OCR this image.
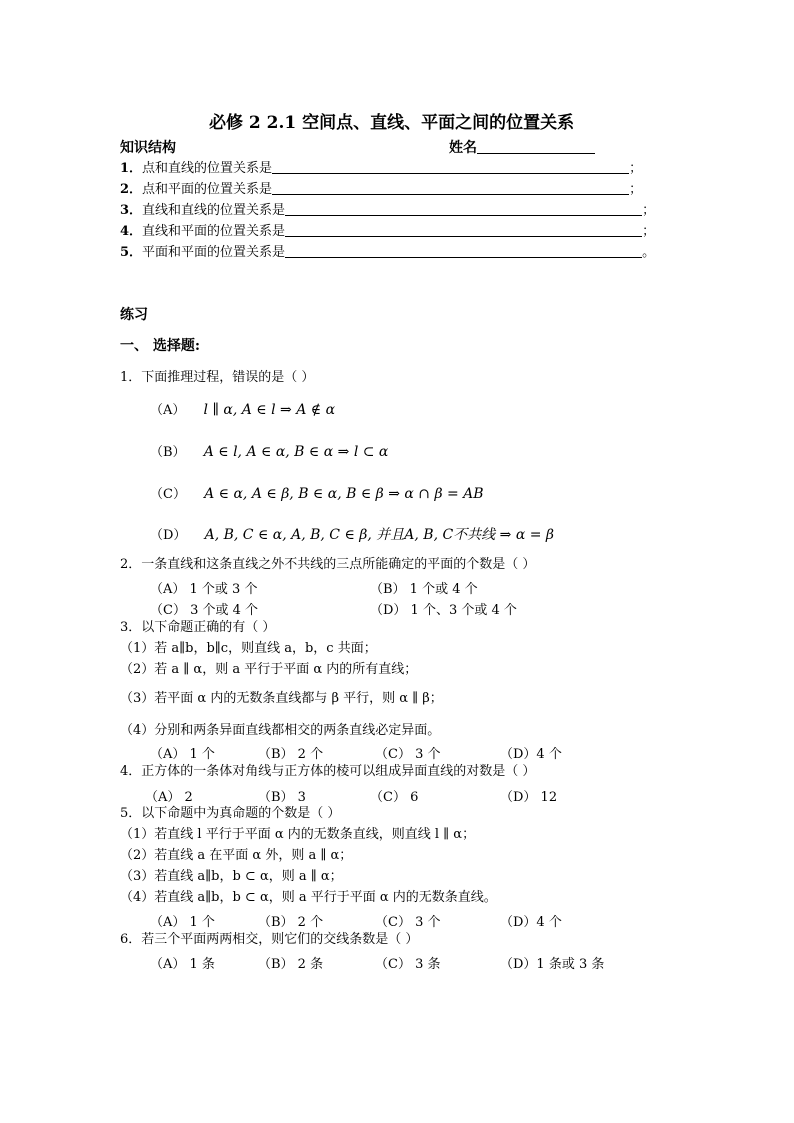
必修 2 2.1 空间点、直线、平面之间的位置关系
知识结构	姓名
1．点和直线的位置关系是	；
2．点和平面的位置关系是	；
3．直线和直线的位置关系是	；
4．直线和平面的位置关系是	；
5．平面和平面的位置关系是	。
练习
一、 选择题:
1．下面推理过程，错误的是（ ）
（A） l ∥ α, A ∈ l ⇒ A ∉ α
（B） A ∈ l, A ∈ α, B ∈ α ⇒ l ⊂ α
（C） A ∈ α, A ∈ β, B ∈ α, B ∈ β ⇒ α ∩ β = AB
（D） A, B, C ∈ α, A, B, C ∈ β, 并且A, B, C不共线 ⇒ α = β
2．一条直线和这条直线之外不共线的三点所能确定的平面的个数是（ ）
（A） 1 个或 3 个	（B） 1 个或 4 个
（C） 3 个或 4 个	（D） 1 个、3 个或 4 个
3．以下命题正确的有（ ）
（1）若 a∥b，b∥c，则直线 a，b，c 共面；
（2）若 a ∥ α，则 a 平行于平面 α 内的所有直线；
（3）若平面 α 内的无数条直线都与 β 平行，则 α ∥ β；
（4）分别和两条异面直线都相交的两条直线必定异面。
（A） 1 个	（B） 2 个	（C） 3 个	（D）4 个
4．正方体的一条体对角线与正方体的棱可以组成异面直线的对数是（ ）
（A） 2	（B） 3	（C） 6	（D） 12
5．以下命题中为真命题的个数是（ ）
（1）若直线 l 平行于平面 α 内的无数条直线，则直线 l ∥ α；
（2）若直线 a 在平面 α 外，则 a ∥ α；
（3）若直线 a∥b，b ⊂ α，则 a ∥ α；
（4）若直线 a∥b，b ⊂ α，则 a 平行于平面 α 内的无数条直线。
（A） 1 个	（B） 2 个	（C） 3 个	（D）4 个
6．若三个平面两两相交，则它们的交线条数是（ ）
（A） 1 条	（B） 2 条	（C） 3 条	（D）1 条或 3 条
